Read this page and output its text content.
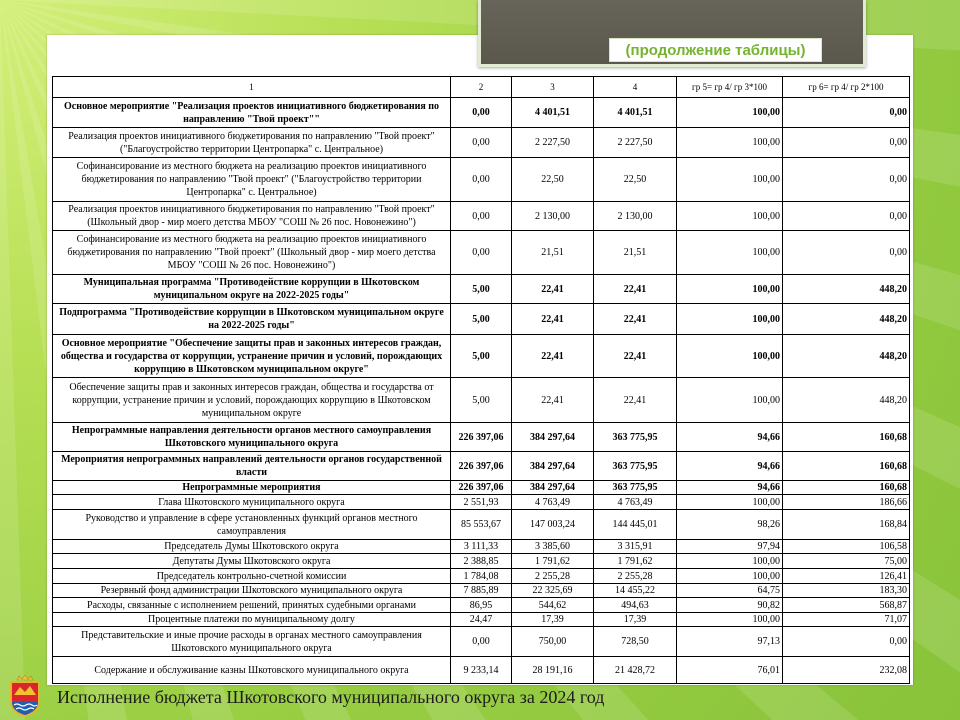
1	2	3	4	гр 5= гр 4/ гр 3*100	гр 6= гр 4/ гр 2*100
Основное мероприятие "Реализация проектов инициативного бюджетирования по направлению "Твой проект""	0,00	4 401,51	4 401,51	100,00	0,00
Реализация проектов инициативного бюджетирования по направлению "Твой проект" ("Благоустройство территории Центропарка" с. Центральное)	0,00	2 227,50	2 227,50	100,00	0,00
Софинансирование из местного бюджета на реализацию проектов инициативного бюджетирования по направлению "Твой проект" ("Благоустройство территории Центропарка" с. Центральное)	0,00	22,50	22,50	100,00	0,00
Реализация проектов инициативного бюджетирования по направлению "Твой проект" (Школьный двор - мир моего детства МБОУ "СОШ № 26 пос. Новонежино")	0,00	2 130,00	2 130,00	100,00	0,00
Софинансирование из местного бюджета на реализацию проектов инициативного бюджетирования по направлению "Твой проект" (Школьный двор - мир моего детства МБОУ "СОШ № 26 пос. Новонежино")	0,00	21,51	21,51	100,00	0,00
Муниципальная программа "Противодействие коррупции в Шкотовском муниципальном округе на 2022-2025 годы"	5,00	22,41	22,41	100,00	448,20
Подпрограмма "Противодействие коррупции в Шкотовском муниципальном округе на 2022-2025 годы"	5,00	22,41	22,41	100,00	448,20
Основное мероприятие "Обеспечение защиты прав и законных интересов граждан, общества и государства от коррупции, устранение причин и условий, порождающих коррупцию в Шкотовском муниципальном округе"	5,00	22,41	22,41	100,00	448,20
Обеспечение защиты прав и законных интересов граждан, общества и государства от коррупции, устранение причин и условий, порождающих коррупцию в Шкотовском муниципальном округе	5,00	22,41	22,41	100,00	448,20
Непрограммные направления деятельности органов местного самоуправления Шкотовского муниципального округа	226 397,06	384 297,64	363 775,95	94,66	160,68
Мероприятия непрограммных направлений деятельности органов государственной власти	226 397,06	384 297,64	363 775,95	94,66	160,68
Непрограммные мероприятия	226 397,06	384 297,64	363 775,95	94,66	160,68
Глава Шкотовского муниципального округа	2 551,93	4 763,49	4 763,49	100,00	186,66
Руководство и управление в сфере установленных функций органов местного самоуправления	85 553,67	147 003,24	144 445,01	98,26	168,84
Председатель Думы Шкотовского округа	3 111,33	3 385,60	3 315,91	97,94	106,58
Депутаты Думы Шкотовского округа	2 388,85	1 791,62	1 791,62	100,00	75,00
Председатель контрольно-счетной комиссии	1 784,08	2 255,28	2 255,28	100,00	126,41
Резервный фонд администрации Шкотовского муниципального округа	7 885,89	22 325,69	14 455,22	64,75	183,30
Расходы, связанные с исполнением решений, принятых судебными органами	86,95	544,62	494,63	90,82	568,87
Процентные платежи по муниципальному долгу	24,47	17,39	17,39	100,00	71,07
Представительские и иные прочие расходы в органах местного самоуправления Шкотовского муниципального округа	0,00	750,00	728,50	97,13	0,00
Содержание и обслуживание казны Шкотовского муниципального округа	9 233,14	28 191,16	21 428,72	76,01	232,08
(продолжение таблицы)
Исполнение бюджета Шкотовского муниципального округа за 2024 год
